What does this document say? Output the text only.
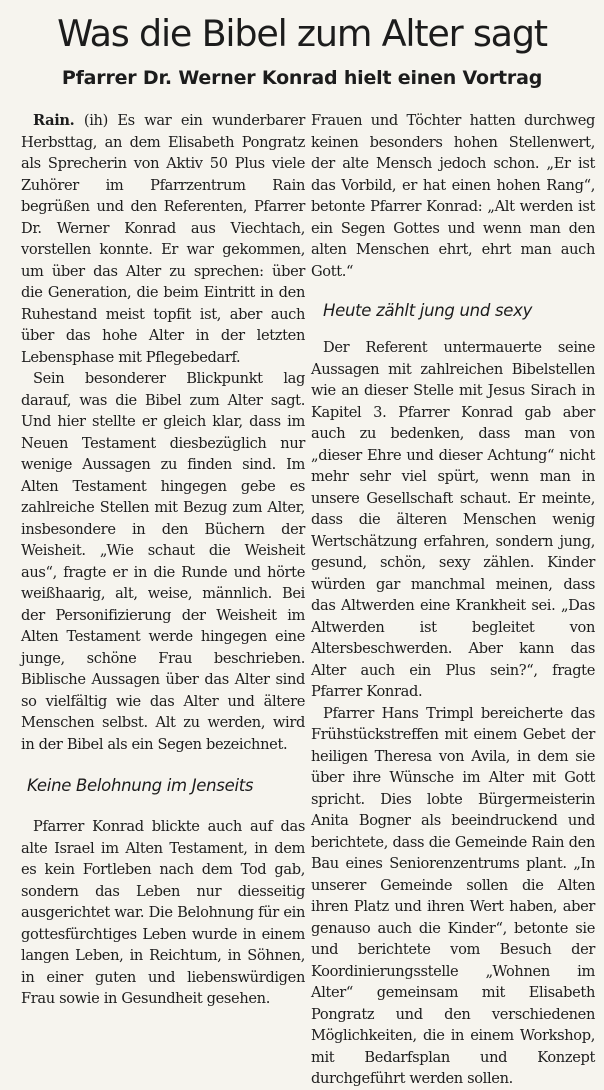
Was die Bibel zum Alter sagt
Pfarrer Dr. Werner Konrad hielt einen Vortrag

Rain. (ih) Es war ein wunderbarer Herbsttag, an dem Elisabeth Pongratz als Sprecherin von Aktiv 50 Plus viele Zuhörer im Pfarrzentrum Rain begrüßen und den Referenten, Pfarrer Dr. Werner Konrad aus Viechtach, vorstellen konnte. Er war gekommen, um über das Alter zu sprechen: über die Generation, die beim Eintritt in den Ruhestand meist topfit ist, aber auch über das hohe Alter in der letzten Lebensphase mit Pflegebedarf.

Sein besonderer Blickpunkt lag darauf, was die Bibel zum Alter sagt. Und hier stellte er gleich klar, dass im Neuen Testament diesbezüglich nur wenige Aussagen zu finden sind. Im Alten Testament hingegen gebe es zahlreiche Stellen mit Bezug zum Alter, insbesondere in den Büchern der Weisheit. „Wie schaut die Weisheit aus“, fragte er in die Runde und hörte weißhaarig, alt, weise, männlich. Bei der Personifizierung der Weisheit im Alten Testament werde hingegen eine junge, schöne Frau beschrieben. Biblische Aussagen über das Alter sind so vielfältig wie das Alter und ältere Menschen selbst. Alt zu werden, wird in der Bibel als ein Segen bezeichnet.

Keine Belohnung im Jenseits

Pfarrer Konrad blickte auch auf das alte Israel im Alten Testament, in dem es kein Fortleben nach dem Tod gab, sondern das Leben nur diesseitig ausgerichtet war. Die Belohnung für ein gottesfürchtiges Leben wurde in einem langen Leben, in Reichtum, in Söhnen, in einer guten und liebenswürdigen Frau sowie in Gesundheit gesehen.

Frauen und Töchter hatten durchweg keinen besonders hohen Stellenwert, der alte Mensch jedoch schon. „Er ist das Vorbild, er hat einen hohen Rang“, betonte Pfarrer Konrad: „Alt werden ist ein Segen Gottes und wenn man den alten Menschen ehrt, ehrt man auch Gott.“

Heute zählt jung und sexy

Der Referent untermauerte seine Aussagen mit zahlreichen Bibelstellen wie an dieser Stelle mit Jesus Sirach in Kapitel 3. Pfarrer Konrad gab aber auch zu bedenken, dass man von „dieser Ehre und dieser Achtung“ nicht mehr sehr viel spürt, wenn man in unsere Gesellschaft schaut. Er meinte, dass die älteren Menschen wenig Wertschätzung erfahren, sondern jung, gesund, schön, sexy zählen. Kinder würden gar manchmal meinen, dass das Altwerden eine Krankheit sei. „Das Altwerden ist begleitet von Altersbeschwerden. Aber kann das Alter auch ein Plus sein?“, fragte Pfarrer Konrad.

Pfarrer Hans Trimpl bereicherte das Frühstückstreffen mit einem Gebet der heiligen Theresa von Avila, in dem sie über ihre Wünsche im Alter mit Gott spricht. Dies lobte Bürgermeisterin Anita Bogner als beeindruckend und berichtete, dass die Gemeinde Rain den Bau eines Seniorenzentrums plant. „In unserer Gemeinde sollen die Alten ihren Platz und ihren Wert haben, aber genauso auch die Kinder“, betonte sie und berichtete vom Besuch der Koordinierungsstelle „Wohnen im Alter“ gemeinsam mit Elisabeth Pongratz und den verschiedenen Möglichkeiten, die in einem Workshop, mit Bedarfsplan und Konzept durchgeführt werden sollen.
